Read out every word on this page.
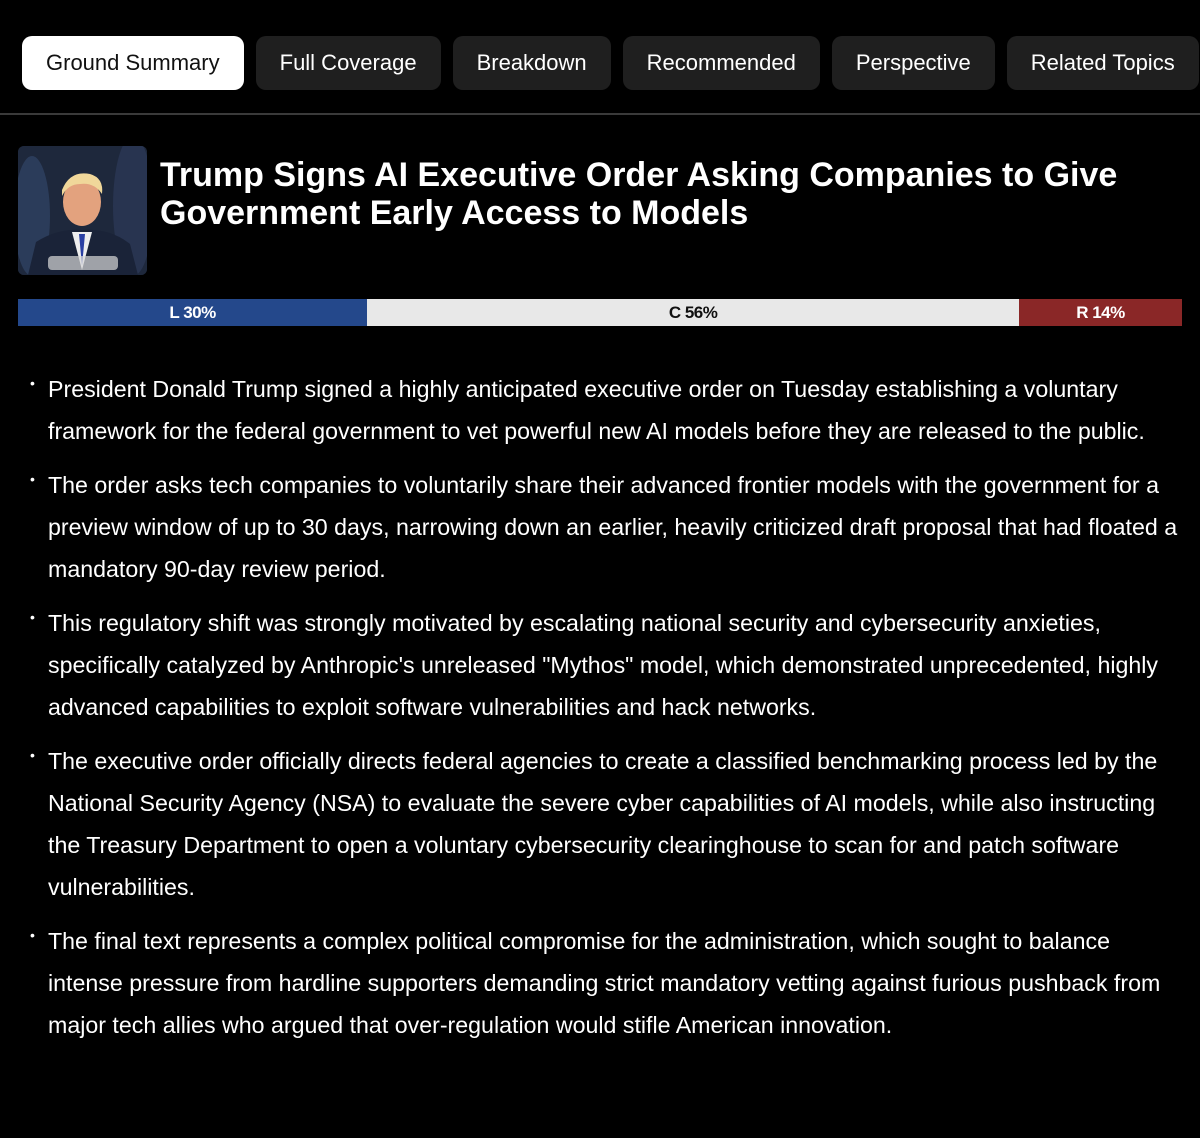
Ground Summary	Full Coverage	Breakdown	Recommended	Perspective	Related Topics
Trump Signs AI Executive Order Asking Companies to Give Government Early Access to Models
L 30%	C 56%	R 14%
• President Donald Trump signed a highly anticipated executive order on Tuesday establishing a voluntary framework for the federal government to vet powerful new AI models before they are released to the public.
• The order asks tech companies to voluntarily share their advanced frontier models with the government for a preview window of up to 30 days, narrowing down an earlier, heavily criticized draft proposal that had floated a mandatory 90-day review period.
• This regulatory shift was strongly motivated by escalating national security and cybersecurity anxieties, specifically catalyzed by Anthropic's unreleased "Mythos" model, which demonstrated unprecedented, highly advanced capabilities to exploit software vulnerabilities and hack networks.
• The executive order officially directs federal agencies to create a classified benchmarking process led by the National Security Agency (NSA) to evaluate the severe cyber capabilities of AI models, while also instructing the Treasury Department to open a voluntary cybersecurity clearinghouse to scan for and patch software vulnerabilities.
• The final text represents a complex political compromise for the administration, which sought to balance intense pressure from hardline supporters demanding strict mandatory vetting against furious pushback from major tech allies who argued that over-regulation would stifle American innovation.
